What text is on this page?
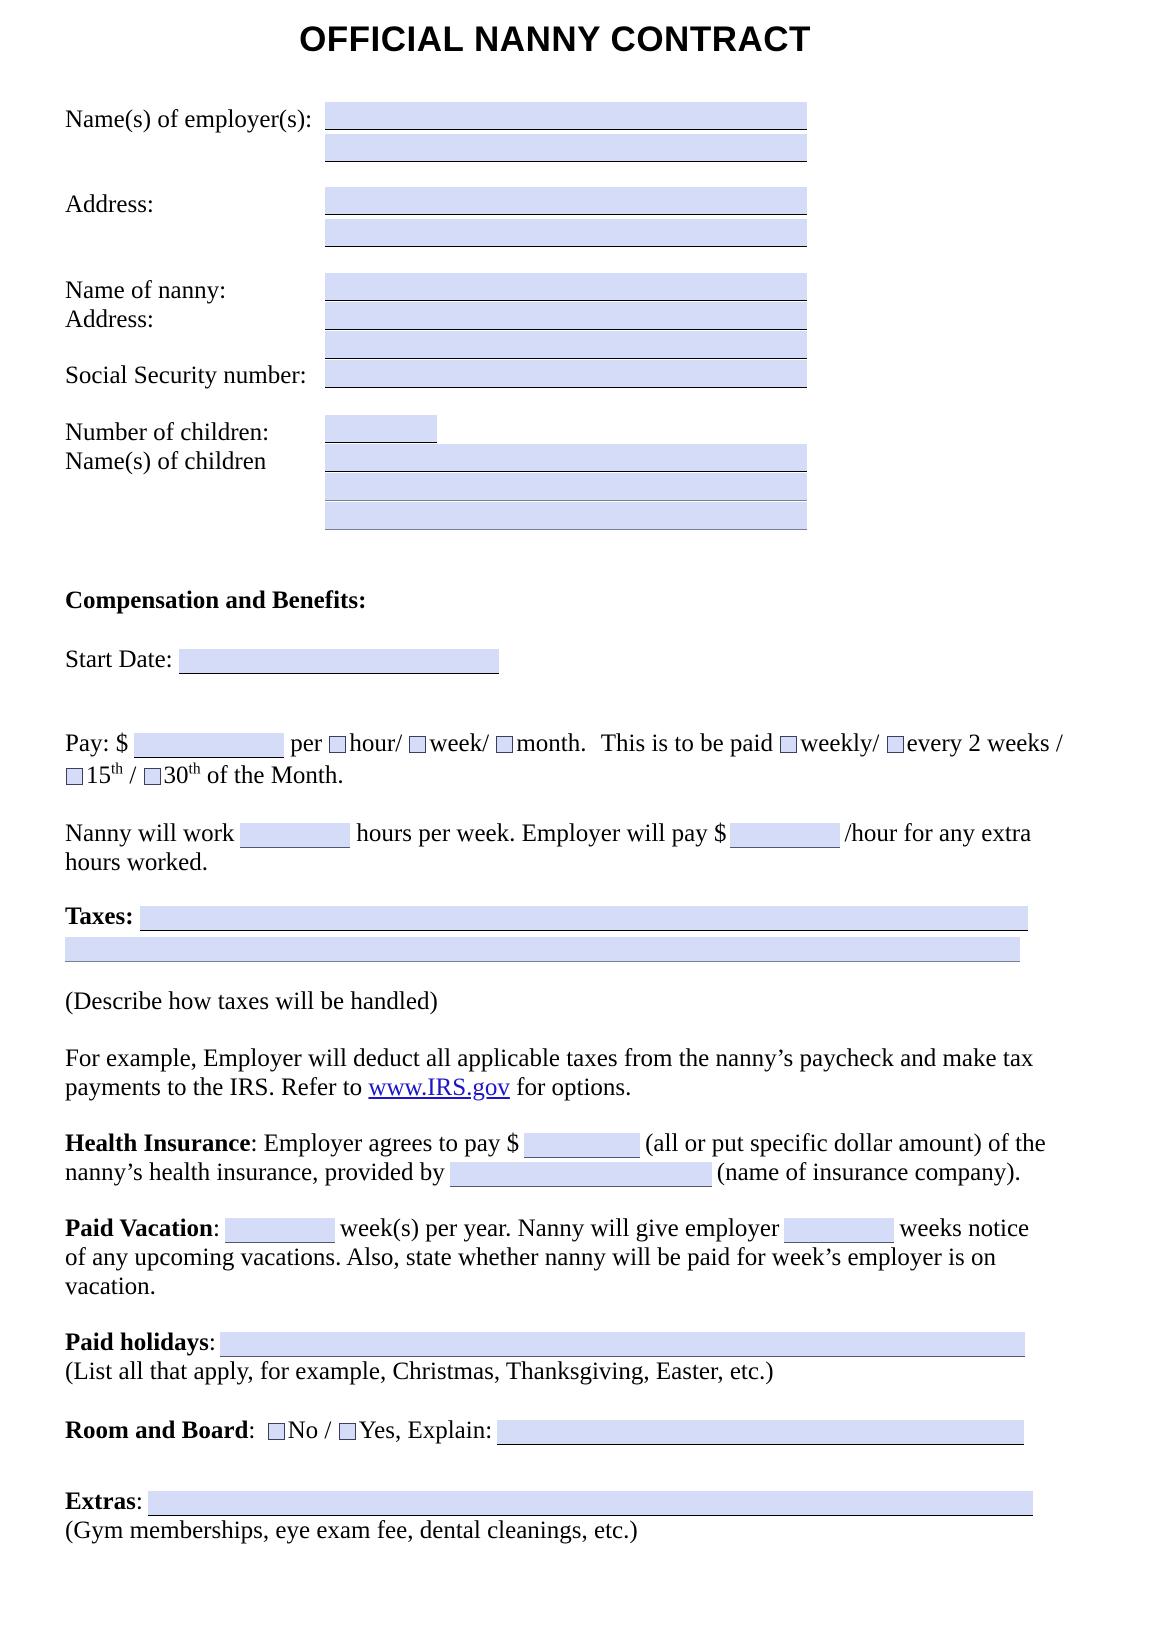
OFFICIAL NANNY CONTRACT
Name(s) of employer(s):
Address:
Name of nanny:
Address:
Social Security number:
Number of children:
Name(s) of children
Compensation and Benefits:
Start Date:
Pay: $	per hour/ week/ month. This is to be paid weekly/ every 2 weeks /
15th / 30th of the Month.
Nanny will work	hours per week. Employer will pay $	/hour for any extra
hours worked.
Taxes:
(Describe how taxes will be handled)
For example, Employer will deduct all applicable taxes from the nanny’s paycheck and make tax
payments to the IRS. Refer to www.IRS.gov for options.
Health Insurance: Employer agrees to pay $	(all or put specific dollar amount) of the
nanny’s health insurance, provided by	(name of insurance company).
Paid Vacation:	week(s) per year. Nanny will give employer	weeks notice
of any upcoming vacations. Also, state whether nanny will be paid for week’s employer is on
vacation.
Paid holidays:
(List all that apply, for example, Christmas, Thanksgiving, Easter, etc.)
Room and Board: No / Yes, Explain:
Extras:
(Gym memberships, eye exam fee, dental cleanings, etc.)
